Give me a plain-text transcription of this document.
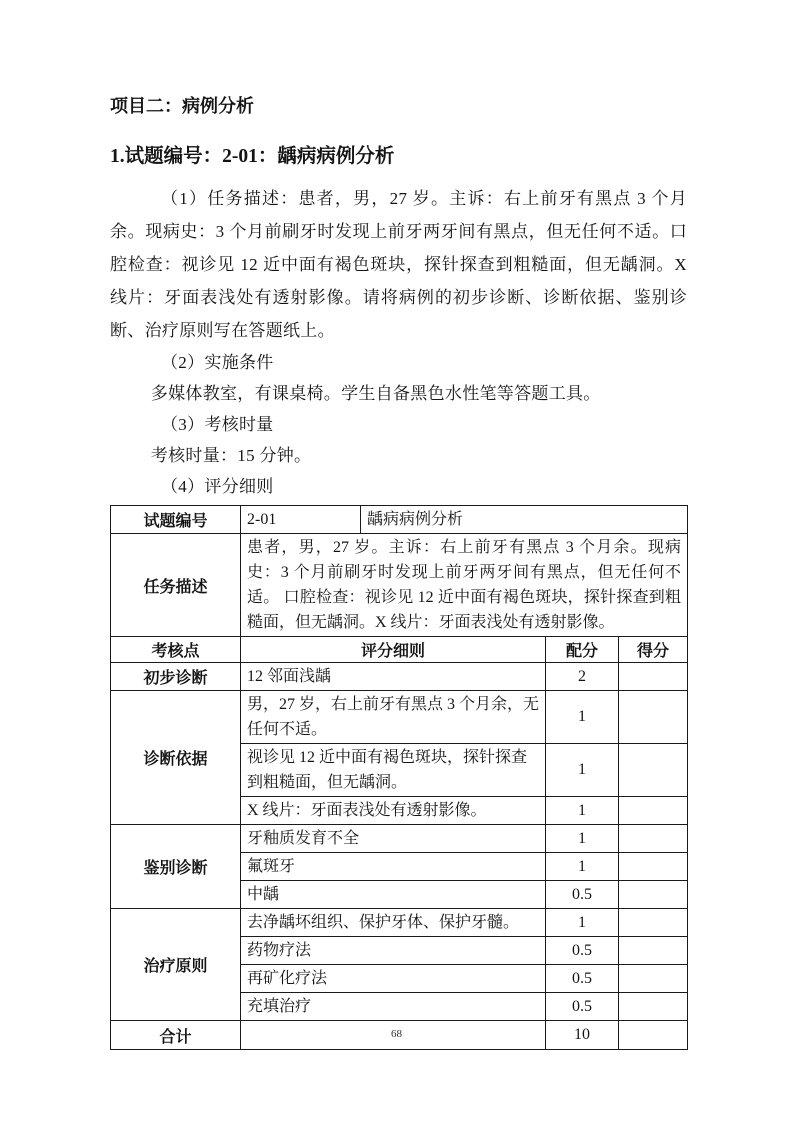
项目二：病例分析
1.试题编号：2-01：龋病病例分析

（1）任务描述：患者，男，27 岁。主诉：右上前牙有黑点 3 个月余。现病史：3 个月前刷牙时发现上前牙两牙间有黑点，但无任何不适。口腔检查：视诊见 12 近中面有褐色斑块，探针探查到粗糙面，但无龋洞。X 线片：牙面表浅处有透射影像。请将病例的初步诊断、诊断依据、鉴别诊断、治疗原则写在答题纸上。

（2）实施条件

多媒体教室，有课桌椅。学生自备黑色水性笔等答题工具。

（3）考核时量

考核时量：15 分钟。

（4）评分细则

试题编号	2-01	龋病病例分析		
任务描述	患者，男，27 岁。主诉：右上前牙有黑点 3 个月余。现病史：3 个月前刷牙时发现上前牙两牙间有黑点，但无任何不适。 口腔检查：视诊见 12 近中面有褐色斑块，探针探查到粗糙面，但无龋洞。X 线片：牙面表浅处有透射影像。			
考核点	评分细则		配分	得分
初步诊断	12 邻面浅龋		2	
诊断依据	男，27 岁，右上前牙有黑点 3 个月余，无任何不适。		1	
	视诊见 12 近中面有褐色斑块，探针探查到粗糙面，但无龋洞。		1	
	X 线片：牙面表浅处有透射影像。		1	
鉴别诊断	牙釉质发育不全		1	
	氟斑牙		1	
	中龋		0.5	
治疗原则	去净龋坏组织、保护牙体、保护牙髓。		1	
	药物疗法		0.5	
	再矿化疗法		0.5	
	充填治疗		0.5	
合计			10	
68
